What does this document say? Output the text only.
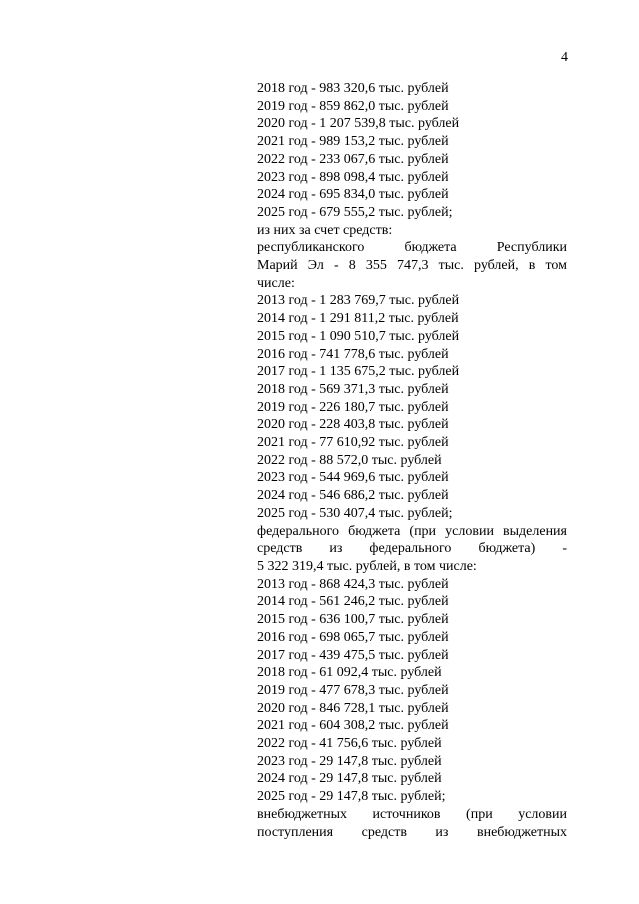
4
2018 год - 983 320,6 тыс. рублей
2019 год - 859 862,0 тыс. рублей
2020 год - 1 207 539,8 тыс. рублей
2021 год - 989 153,2 тыс. рублей
2022 год - 233 067,6 тыс. рублей
2023 год - 898 098,4 тыс. рублей
2024 год - 695 834,0 тыс. рублей
2025 год - 679 555,2 тыс. рублей;
из них за счет средств:
республиканского бюджета Республики
Марий Эл - 8 355 747,3 тыс. рублей, в том
числе:
2013 год - 1 283 769,7 тыс. рублей
2014 год - 1 291 811,2 тыс. рублей
2015 год - 1 090 510,7 тыс. рублей
2016 год - 741 778,6 тыс. рублей
2017 год - 1 135 675,2 тыс. рублей
2018 год - 569 371,3 тыс. рублей
2019 год - 226 180,7 тыс. рублей
2020 год - 228 403,8 тыс. рублей
2021 год - 77 610,92 тыс. рублей
2022 год - 88 572,0 тыс. рублей
2023 год - 544 969,6 тыс. рублей
2024 год - 546 686,2 тыс. рублей
2025 год - 530 407,4 тыс. рублей;
федерального бюджета (при условии выделения
средств из федерального бюджета) -
5 322 319,4 тыс. рублей, в том числе:
2013 год - 868 424,3 тыс. рублей
2014 год - 561 246,2 тыс. рублей
2015 год - 636 100,7 тыс. рублей
2016 год - 698 065,7 тыс. рублей
2017 год - 439 475,5 тыс. рублей
2018 год - 61 092,4 тыс. рублей
2019 год - 477 678,3 тыс. рублей
2020 год - 846 728,1 тыс. рублей
2021 год - 604 308,2 тыс. рублей
2022 год - 41 756,6 тыс. рублей
2023 год - 29 147,8 тыс. рублей
2024 год - 29 147,8 тыс. рублей
2025 год - 29 147,8 тыс. рублей;
внебюджетных источников (при условии
поступления средств из внебюджетных
